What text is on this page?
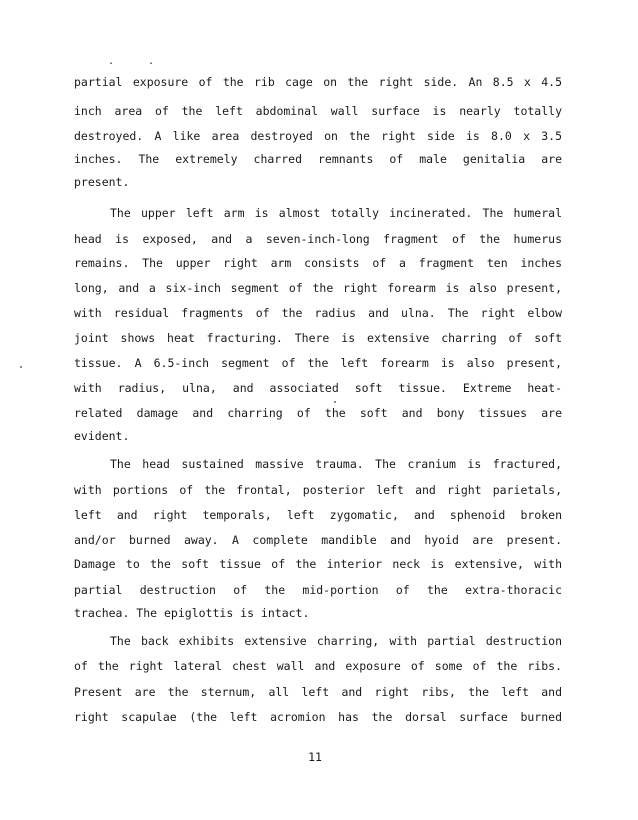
. .
partial exposure of the rib cage on the right side. An 8.5 x 4.5
inch area of the left abdominal wall surface is nearly totally
destroyed. A like area destroyed on the right side is 8.0 x 3.5
inches. The extremely charred remnants of male genitalia are
present.
The upper left arm is almost totally incinerated. The humeral
head is exposed, and a seven-inch-long fragment of the humerus
remains. The upper right arm consists of a fragment ten inches
long, and a six-inch segment of the right forearm is also present,
with residual fragments of the radius and ulna. The right elbow
joint shows heat fracturing. There is extensive charring of soft
tissue. A 6.5-inch segment of the left forearm is also present,
with radius, ulna, and associated soft tissue. Extreme heat-
related damage and charring of the soft and bony tissues are
evident.
The head sustained massive trauma. The cranium is fractured,
with portions of the frontal, posterior left and right parietals,
left and right temporals, left zygomatic, and sphenoid broken
and/or burned away. A complete mandible and hyoid are present.
Damage to the soft tissue of the interior neck is extensive, with
partial destruction of the mid-portion of the extra-thoracic
trachea. The epiglottis is intact.
The back exhibits extensive charring, with partial destruction
of the right lateral chest wall and exposure of some of the ribs.
Present are the sternum, all left and right ribs, the left and
right scapulae (the left acromion has the dorsal surface burned
11
